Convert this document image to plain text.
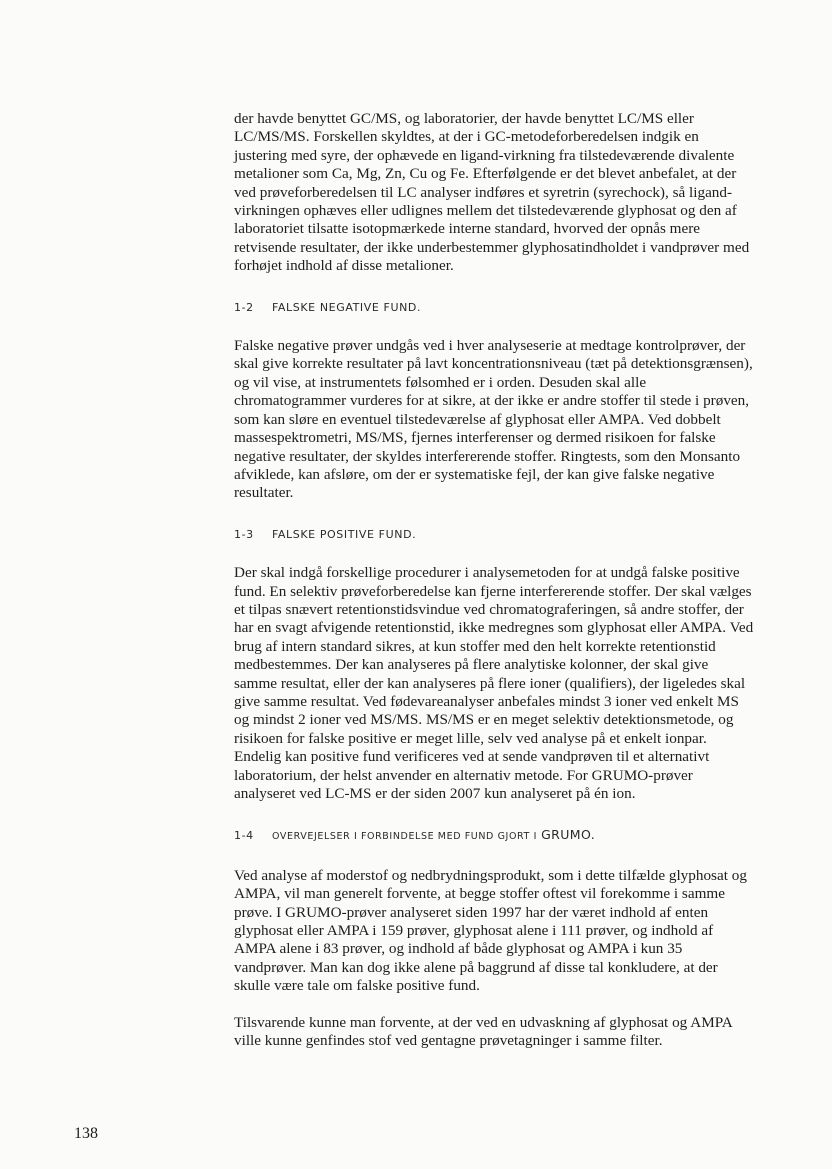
der havde benyttet GC/MS, og laboratorier, der havde benyttet LC/MS eller LC/MS/MS. Forskellen skyldtes, at der i GC-metodeforberedelsen indgik en justering med syre, der ophævede en ligand-virkning fra tilstedeværende divalente metalioner som Ca, Mg, Zn, Cu og Fe. Efterfølgende er det blevet anbefalet, at der ved prøveforberedelsen til LC analyser indføres et syretrin (syrechock), så ligand-virkningen ophæves eller udlignes mellem det tilstedeværende glyphosat og den af laboratoriet tilsatte isotopmærkede interne standard, hvorved der opnås mere retvisende resultater, der ikke underbestemmer glyphosatindholdet i vandprøver med forhøjet indhold af disse metalioner.

1-2	FALSKE NEGATIVE FUND.

Falske negative prøver undgås ved i hver analyseserie at medtage kontrolprøver, der skal give korrekte resultater på lavt koncentrationsniveau (tæt på detektionsgrænsen), og vil vise, at instrumentets følsomhed er i orden. Desuden skal alle chromatogrammer vurderes for at sikre, at der ikke er andre stoffer til stede i prøven, som kan sløre en eventuel tilstedeværelse af glyphosat eller AMPA. Ved dobbelt massespektrometri, MS/MS, fjernes interferenser og dermed risikoen for falske negative resultater, der skyldes interfererende stoffer. Ringtests, som den Monsanto afviklede, kan afsløre, om der er systematiske fejl, der kan give falske negative resultater.

1-3	FALSKE POSITIVE FUND.

Der skal indgå forskellige procedurer i analysemetoden for at undgå falske positive fund. En selektiv prøveforberedelse kan fjerne interfererende stoffer. Der skal vælges et tilpas snævert retentionstidsvindue ved chromatograferingen, så andre stoffer, der har en svagt afvigende retentionstid, ikke medregnes som glyphosat eller AMPA. Ved brug af intern standard sikres, at kun stoffer med den helt korrekte retentionstid medbestemmes. Der kan analyseres på flere analytiske kolonner, der skal give samme resultat, eller der kan analyseres på flere ioner (qualifiers), der ligeledes skal give samme resultat. Ved fødevareanalyser anbefales mindst 3 ioner ved enkelt MS og mindst 2 ioner ved MS/MS. MS/MS er en meget selektiv detektionsmetode, og risikoen for falske positive er meget lille, selv ved analyse på et enkelt ionpar. Endelig kan positive fund verificeres ved at sende vandprøven til et alternativt laboratorium, der helst anvender en alternativ metode. For GRUMO-prøver analyseret ved LC-MS er der siden 2007 kun analyseret på én ion.

1-4	OVERVEJELSER I FORBINDELSE MED FUND GJORT I GRUMO.

Ved analyse af moderstof og nedbrydningsprodukt, som i dette tilfælde glyphosat og AMPA, vil man generelt forvente, at begge stoffer oftest vil forekomme i samme prøve. I GRUMO-prøver analyseret siden 1997 har der været indhold af enten glyphosat eller AMPA i 159 prøver, glyphosat alene i 111 prøver, og indhold af AMPA alene i 83 prøver, og indhold af både glyphosat og AMPA i kun 35 vandprøver. Man kan dog ikke alene på baggrund af disse tal konkludere, at der skulle være tale om falske positive fund.

Tilsvarende kunne man forvente, at der ved en udvaskning af glyphosat og AMPA ville kunne genfindes stof ved gentagne prøvetagninger i samme filter.

138
